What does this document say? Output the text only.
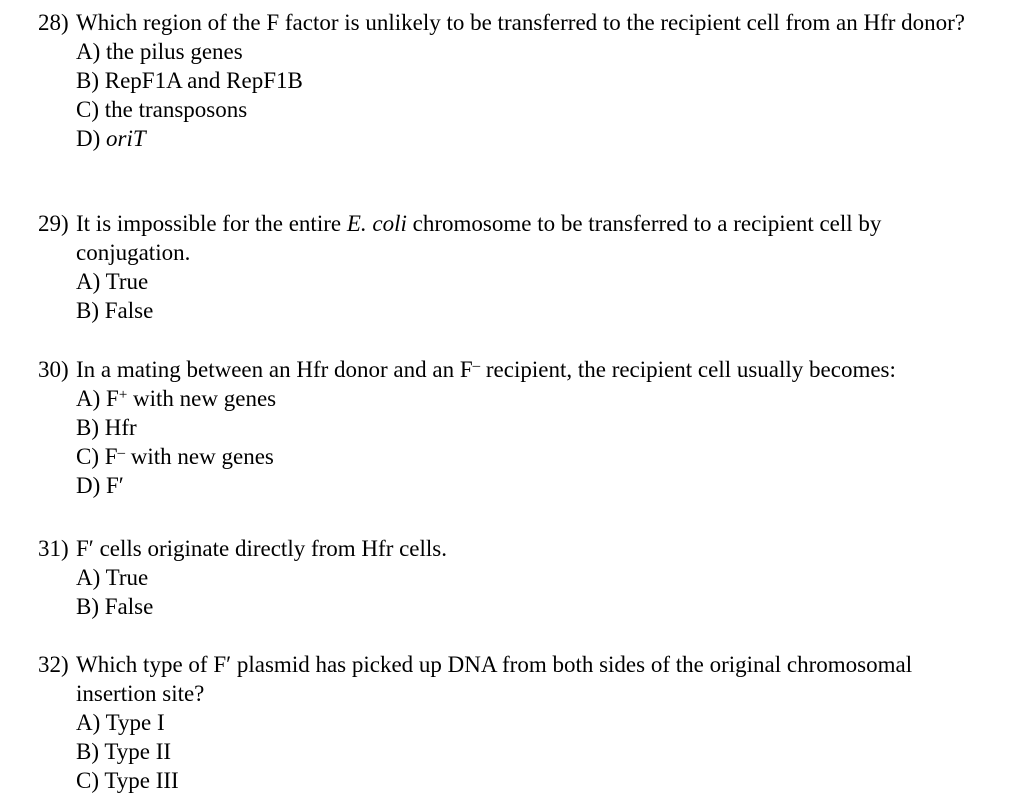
28) Which region of the F factor is unlikely to be transferred to the recipient cell from an Hfr donor?
A) the pilus genes
B) RepF1A and RepF1B
C) the transposons
D) oriT
29) It is impossible for the entire E. coli chromosome to be transferred to a recipient cell by conjugation.
A) True
B) False
30) In a mating between an Hfr donor and an F– recipient, the recipient cell usually becomes:
A) F+ with new genes
B) Hfr
C) F– with new genes
D) F′
31) F′ cells originate directly from Hfr cells.
A) True
B) False
32) Which type of F′ plasmid has picked up DNA from both sides of the original chromosomal insertion site?
A) Type I
B) Type II
C) Type III
